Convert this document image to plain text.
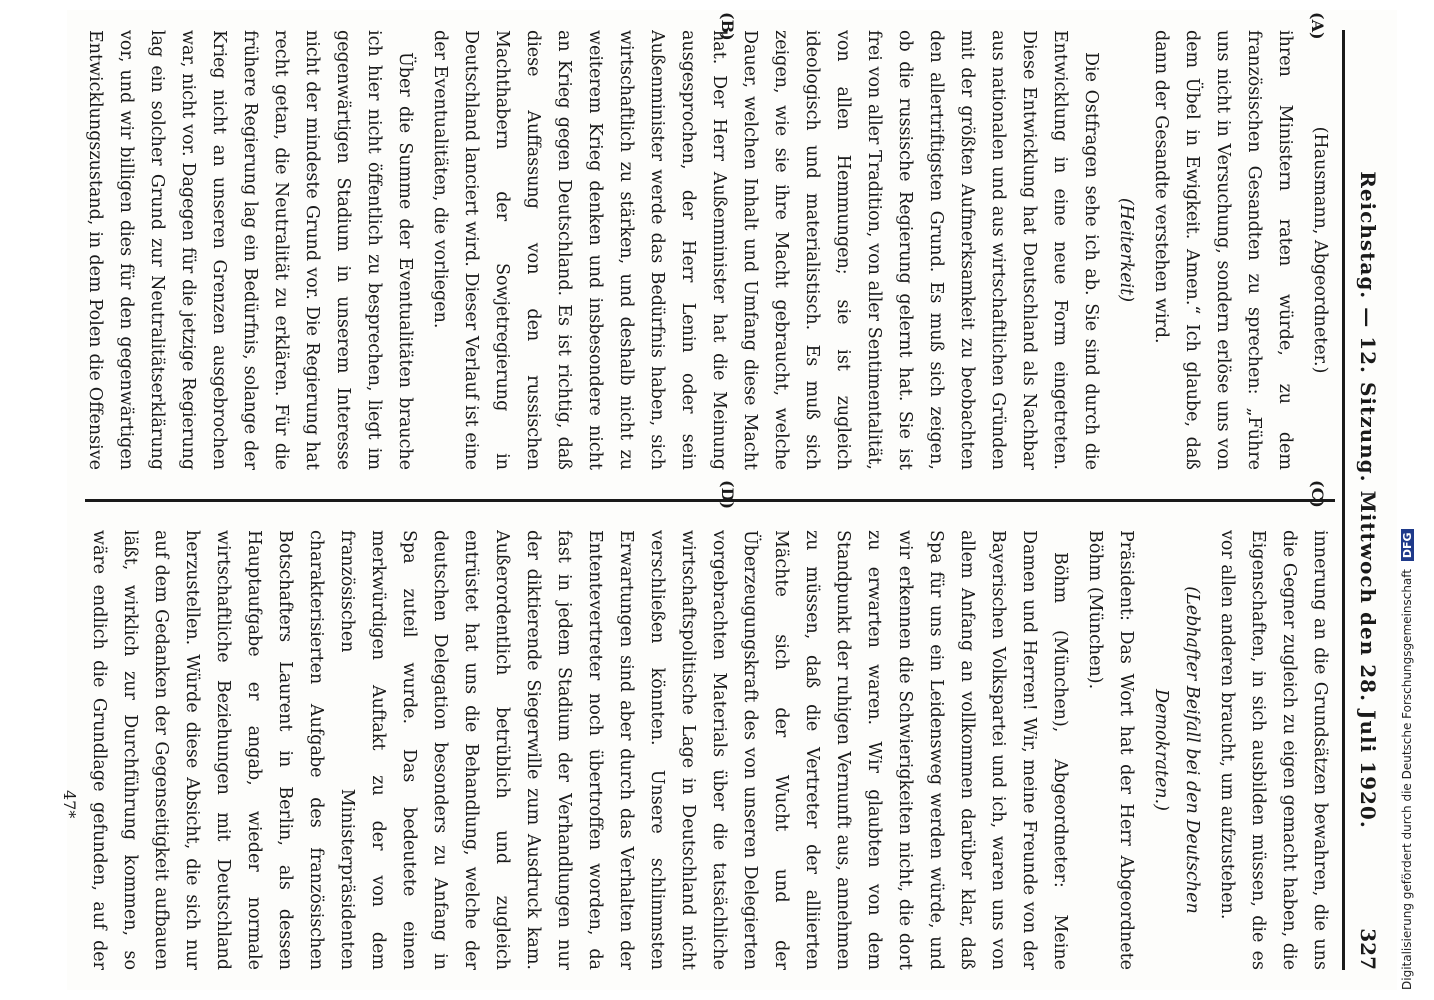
Reichstag. — 12. Sitzung. Mittwoch den 28. Juli 1920.
327

(Hausmann, Abgeordneter.)

ihren Ministern raten würde, zu dem französischen Gesandten zu sprechen: „Führe uns nicht in Versuchung, sondern erlöse uns von dem Übel in Ewigkeit. Amen.“ Ich glaube, daß dann der Gesandte verstehen wird.

(Heiterkeit)

Die Ostfragen sehe ich ab. Sie sind durch die Entwicklung in eine neue Form eingetreten. Diese Entwicklung hat Deutschland als Nachbar aus nationalen und aus wirtschaftlichen Gründen mit der größten Aufmerksamkeit zu beobachten den allertriftigsten Grund. Es muß sich zeigen, ob die russische Regierung gelernt hat. Sie ist frei von aller Tradition, von aller Sentimentalität, von allen Hemmungen; sie ist zugleich ideologisch und materialistisch. Es muß sich zeigen, wie sie ihre Macht gebraucht, welche Dauer, welchen Inhalt und Umfang diese Macht hat. Der Herr Außenminister hat die Meinung ausgesprochen, der Herr Lenin oder sein Außenminister werde das Bedürfnis haben, sich wirtschaftlich zu stärken, und deshalb nicht zu weiterem Krieg denken und insbesondere nicht an Krieg gegen Deutschland. Es ist richtig, daß diese Auffassung von den russischen Machthabern der Sowjetregierung in Deutschland lanciert wird. Dieser Verlauf ist eine der Eventualitäten, die vorliegen.

Über die Summe der Eventualitäten brauche ich hier nicht öffentlich zu besprechen, liegt im gegenwärtigen Stadium in unserem Interesse nicht der mindeste Grund vor. Die Regierung hat recht getan, die Neutralität zu erklären. Für die frühere Regierung lag ein Bedürfnis, solange der Krieg nicht an unseren Grenzen ausgebrochen war, nicht vor. Dagegen für die jetzige Regierung lag ein solcher Grund zur Neutralitätserklärung vor, und wir billigen dies für den gegenwärtigen Entwicklungszustand, in dem Polen die Offensive

innerung an die Grundsätzen bewahren, die uns die Gegner zugleich zu eigen gemacht haben, die Eigenschaften, in sich ausbilden müssen, die es vor allen anderen braucht, um aufzustehen.

(Lebhafter Beifall bei den Deutschen Demokraten.)

Präsident: Das Wort hat der Herr Abgeordnete Böhm (München).

Böhm (München), Abgeordneter: Meine Damen und Herren! Wir, meine Freunde von der Bayerischen Volkspartei und ich, waren uns von allem Anfang an vollkommen darüber klar, daß Spa für uns ein Leidensweg werden würde, und wir erkennen die Schwierigkeiten nicht, die dort zu erwarten waren. Wir glaubten von dem Standpunkt der ruhigen Vernunft aus, annehmen zu müssen, daß die Vertreter der alliierten Mächte sich der Wucht und der Überzeugungskraft des von unseren Delegierten vorgebrachten Materials über die tatsächliche wirtschaftspolitische Lage in Deutschland nicht verschließen könnten. Unsere schlimmsten Erwartungen sind aber durch das Verhalten der Ententevertreter noch übertroffen worden, da fast in jedem Stadium der Verhandlungen nur der diktierende Siegerwille zum Ausdruck kam. Außerordentlich betrüblich und zugleich entrüstet hat uns die Behandlung, welche der deutschen Delegation besonders zu Anfang in Spa zuteil wurde. Das bedeutete einen merkwürdigen Auftakt zu der von dem französischen Ministerpräsidenten charakterisierten Aufgabe des französischen Botschafters Laurent in Berlin, als dessen Hauptaufgabe er angab, wieder normale wirtschaftliche Beziehungen mit Deutschland herzustellen. Würde diese Absicht, die sich nur auf dem Gedanken der Gegenseitigkeit aufbauen läßt, wirklich zur Durchführung kommen, so wäre endlich die Grundlage gefunden, auf der

(A)
(B)
(C)
(D)
47*	Digitalisierung gefördert durch die Deutsche Forschungsgemeinschaft DFG
